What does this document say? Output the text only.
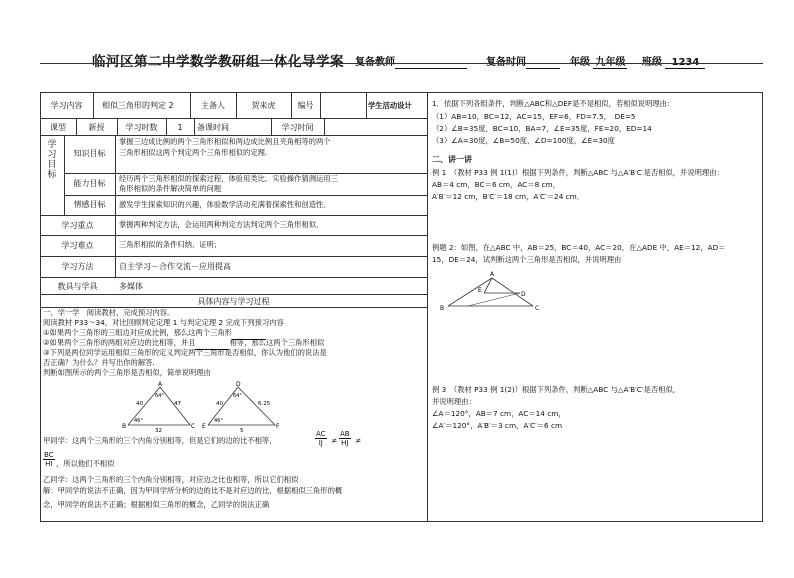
临河区第二中学数学教研组一体化导学案 复备教师	复备时间	年级 九年级 班级 1234
学习内容	相似三角形的判定 2	主备人	贺来虎	编号	学生活动设计
课型	新授	学习时数	1	备课时间	学习时间
学
习
目
标
知识目标
掌握三边成比例的两个三角形相似和两边成比例且夹角相等的两个
三角形相似这两个判定两个三角形相似的定理.
能力目标
经历两个三角形相似的探索过程，体验用类比、实验操作猜测运用三
角形相似的条件解决简单的问题
情感目标	激发学生探索知识的兴趣，体验数学活动充满着探索性和创造性．
学习重点	掌握两种判定方法，会运用两种判定方法判定两个三角形相似．
学习难点	三角形相似的条件归纳、证明；
学习方法	自主学习－合作交流－应用提高
教具与学具	多媒体
具体内容与学习过程
一、学一学　阅读教材，完成预习内容。
阅读教材 P33～34，对比回顾判定定理 1 与判定定理 2 完成下列预习内容
①如果两个三角形的三组边对应成比例，那么这两个三角形
②如果两个三角形的两组对应边的比相等，并且	相等，那么这两个三角形相似
③下列是两位同学运用相似三角形的定义判定两个三角形是否相似，你认为他们的说法是
否正确？为什么？并写出你的解答.
判断如图所示的两个三角形是否相似，简单说明理由
A
B	C
40	47
32
64°
46°
D
E	F
40	6.25
5
64°
46°
甲同学：这两个三角形的三个内角分别相等，但是它们的边的比不相等，	$\frac{AC}{IJ} \ne \frac{AB}{HJ}$ ≠
$\frac{BC}{HI}$ ，所以他们不相似
乙同学：这两个三角形的三个内角分别相等，对应边之比也相等，所以它们相似
解：甲同学的说法不正确，因为甲同学所分析的边的比不是对应边的比，根据相似三角形的概
念，甲同学的说法不正确；根据相似三角形的概念，乙同学的说法正确
1．依据下列各组条件，判断△ABC和△DEF是不是相似，若相似说明理由：
（1）AB=10，BC=12，AC=15，EF=6，FD=7.5，　DE=5
（2）∠B=35度，BC=10，BA=7，∠E=35度，FE=20，ED=14
（3）∠A=30度，∠B=50度，∠D=100度，∠E=30度
二、讲一讲
例 1　（教材 P33 例 1(1)）根据下列条件，判断△ABC 与△A′B′C′是否相似，并说明理由：
AB＝4 cm，BC＝6 cm，AC＝8 cm，
A′B′＝12 cm，B′C′＝18 cm，A′C′＝24 cm．
例题 2：如图，在△ABC 中，AB＝25，BC＝40，AC＝20，在△ADE 中，AE＝12，AD＝
15，DE＝24，试判断这两个三角形是否相似，并说明理由
A
B	C
D
E
例 3　（教材 P33 例 1(2)）根据下列条件，判断△ABC 与△A′B′C′是否相似，
并说明理由：
∠A＝120°，AB＝7 cm，AC＝14 cm，
∠A′＝120°，A′B′＝3 cm，A′C′＝6 cm
